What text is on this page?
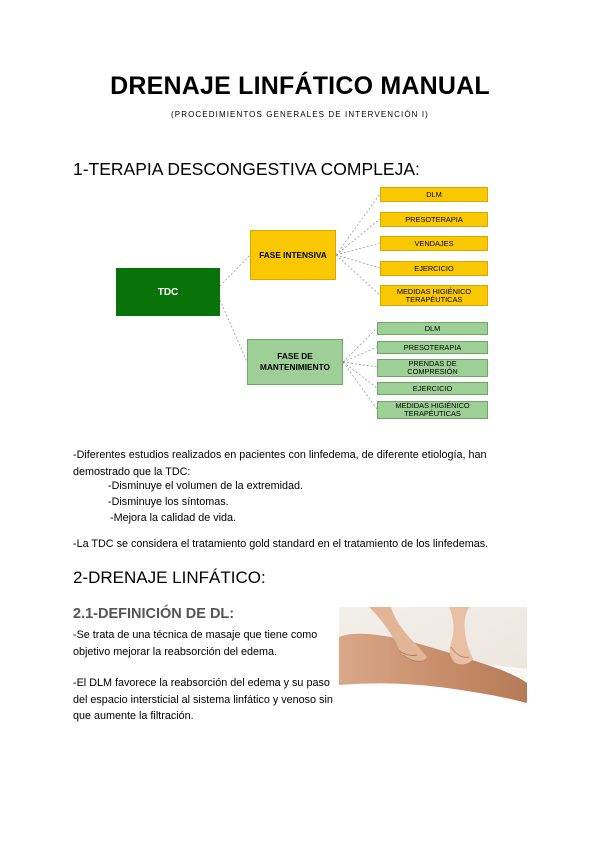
DRENAJE LINFÁTICO MANUAL
(PROCEDIMIENTOS GENERALES DE INTERVENCIÓN I)
1-TERAPIA DESCONGESTIVA COMPLEJA:
TDC
FASE INTENSIVA
FASE DE MANTENIMIENTO
DLM
PRESOTERAPIA
VENDAJES
EJERCICIO
MEDIDAS HIGIÉNICO TERAPÉUTICAS
DLM
PRESOTERAPIA
PRENDAS DE COMPRESIÓN
EJERCICIO
MEDIDAS HIGIÉNICO TERAPÉUTICAS
-Diferentes estudios realizados en pacientes con linfedema, de diferente etiología, han demostrado que la TDC:
-Disminuye el volumen de la extremidad.
-Disminuye los síntomas.
-Mejora la calidad de vida.
-La TDC se considera el tratamiento gold standard en el tratamiento de los linfedemas.
2-DRENAJE LINFÁTICO:
2.1-DEFINICIÓN DE DL:
-Se trata de una técnica de masaje que tiene como objetivo mejorar la reabsorción del edema.
-El DLM favorece la reabsorción del edema y su paso del espacio intersticial al sistema linfático y venoso sin que aumente la filtración.
